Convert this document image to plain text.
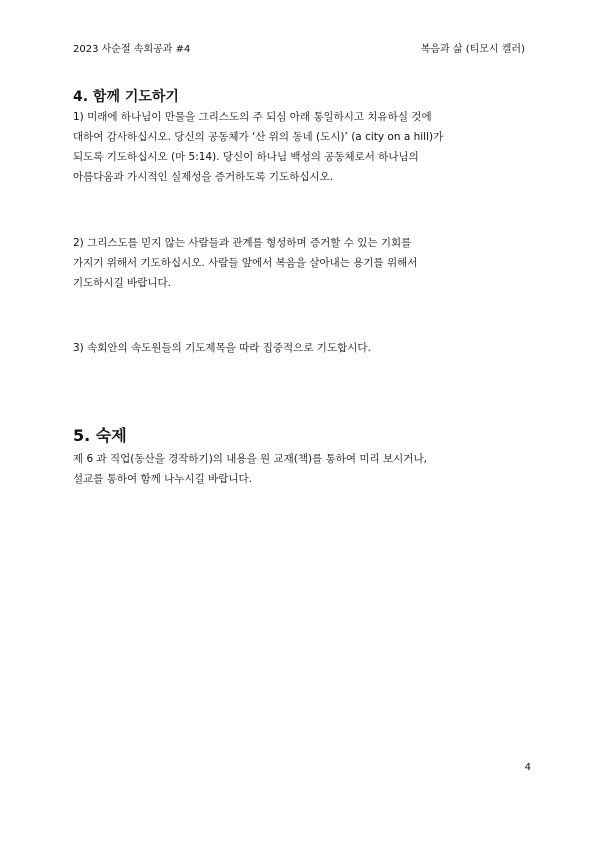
2023 사순절 속회공과 #4	복음과 삶 (티모시 켈러)
4. 함께 기도하기
1) 미래에 하나님이 만물을 그리스도의 주 되심 아래 통일하시고 치유하실 것에
대하여 감사하십시오. 당신의 공동체가 ‘산 위의 동네 (도시)’ (a city on a hill)가
되도록 기도하십시오 (마 5:14). 당신이 하나님 백성의 공동체로서 하나님의
아름다움과 가시적인 실제성을 증거하도록 기도하십시오.
2) 그리스도를 믿지 않는 사람들과 관계를 형성하며 증거할 수 있는 기회를
가지기 위해서 기도하십시오. 사람들 앞에서 복음을 살아내는 용기를 위해서
기도하시길 바랍니다.
3) 속회안의 속도원들의 기도제목을 따라 집중적으로 기도합시다.
5. 숙제
제 6 과 직업(동산을 경작하기)의 내용을 원 교재(책)를 통하여 미리 보시거나,
설교를 통하여 함께 나누시길 바랍니다.
4
